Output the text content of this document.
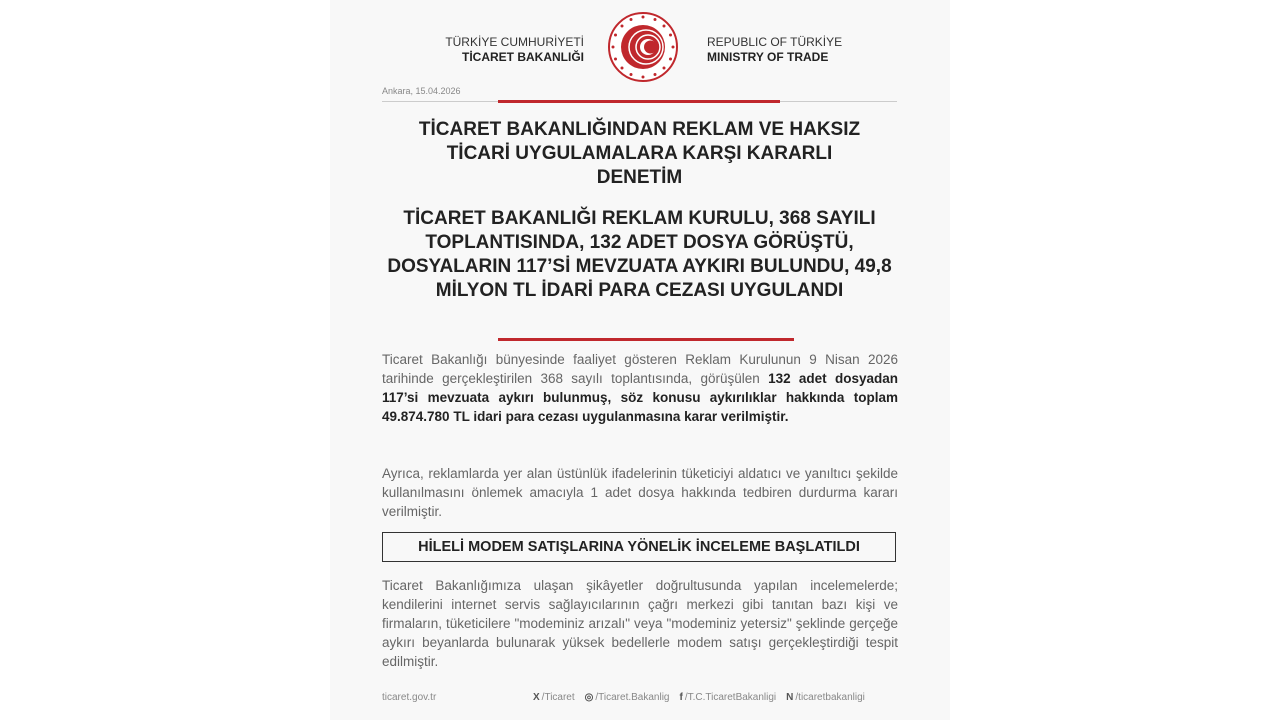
TÜRKİYE CUMHURİYETİ
TİCARET BAKANLIĞI
REPUBLIC OF TÜRKİYE
MINISTRY OF TRADE
Ankara, 15.04.2026
TİCARET BAKANLIĞINDAN REKLAM VE HAKSIZ TİCARİ UYGULAMALARA KARŞI KARARLI DENETİM
TİCARET BAKANLIĞI REKLAM KURULU, 368 SAYILI TOPLANTISINDA, 132 ADET DOSYA GÖRÜŞTÜ, DOSYALARIN 117’Sİ MEVZUATA AYKIRI BULUNDU, 49,8 MİLYON TL İDARİ PARA CEZASI UYGULANDI
Ticaret Bakanlığı bünyesinde faaliyet gösteren Reklam Kurulunun 9 Nisan 2026 tarihinde gerçekleştirilen 368 sayılı toplantısında, görüşülen 132 adet dosyadan 117’si mevzuata aykırı bulunmuş, söz konusu aykırılıklar hakkında toplam 49.874.780 TL idari para cezası uygulanmasına karar verilmiştir.
Ayrıca, reklamlarda yer alan üstünlük ifadelerinin tüketiciyi aldatıcı ve yanıltıcı şekilde kullanılmasını önlemek amacıyla 1 adet dosya hakkında tedbiren durdurma kararı verilmiştir.
HİLELİ MODEM SATIŞLARINA YÖNELİK İNCELEME BAŞLATILDI
Ticaret Bakanlığımıza ulaşan şikâyetler doğrultusunda yapılan incelemelerde; kendilerini internet servis sağlayıcılarının çağrı merkezi gibi tanıtan bazı kişi ve firmaların, tüketicilere "modeminiz arızalı" veya "modeminiz yetersiz" şeklinde gerçeğe aykırı beyanlarda bulunarak yüksek bedellerle modem satışı gerçekleştirdiği tespit edilmiştir.
ticaret.gov.tr	X /Ticaret ◎ /Ticaret.Bakanlig f /T.C.TicaretBakanligi N /ticaretbakanligi
